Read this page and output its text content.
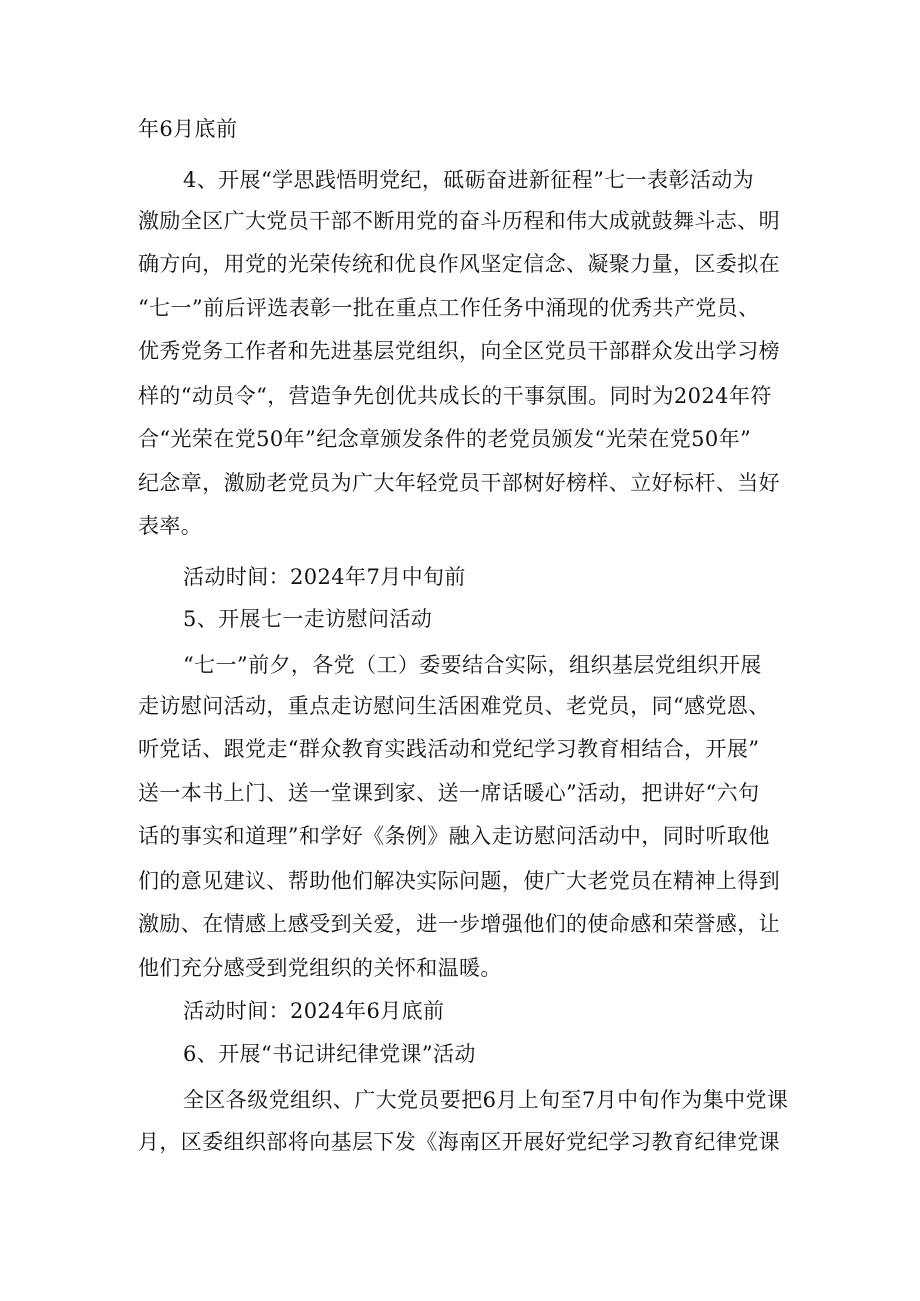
年6月底前
4、开展“学思践悟明党纪，砥砺奋进新征程”七一表彰活动为
激励全区广大党员干部不断用党的奋斗历程和伟大成就鼓舞斗志、明
确方向，用党的光荣传统和优良作风坚定信念、凝聚力量，区委拟在
“七一”前后评选表彰一批在重点工作任务中涌现的优秀共产党员、
优秀党务工作者和先进基层党组织，向全区党员干部群众发出学习榜
样的“动员令“，营造争先创优共成长的干事氛围。同时为2024年符
合“光荣在党50年”纪念章颁发条件的老党员颁发“光荣在党50年”
纪念章，激励老党员为广大年轻党员干部树好榜样、立好标杆、当好
表率。
活动时间：2024年7月中旬前
5、开展七一走访慰问活动
“七一”前夕，各党（工）委要结合实际，组织基层党组织开展
走访慰问活动，重点走访慰问生活困难党员、老党员，同“感党恩、
听党话、跟党走“群众教育实践活动和党纪学习教育相结合，开展”
送一本书上门、送一堂课到家、送一席话暖心”活动，把讲好“六句
话的事实和道理”和学好《条例》融入走访慰问活动中，同时听取他
们的意见建议、帮助他们解决实际问题，使广大老党员在精神上得到
激励、在情感上感受到关爱，进一步增强他们的使命感和荣誉感，让
他们充分感受到党组织的关怀和温暖。
活动时间：2024年6月底前
6、开展“书记讲纪律党课”活动
全区各级党组织、广大党员要把6月上旬至7月中旬作为集中党课
月，区委组织部将向基层下发《海南区开展好党纪学习教育纪律党课
